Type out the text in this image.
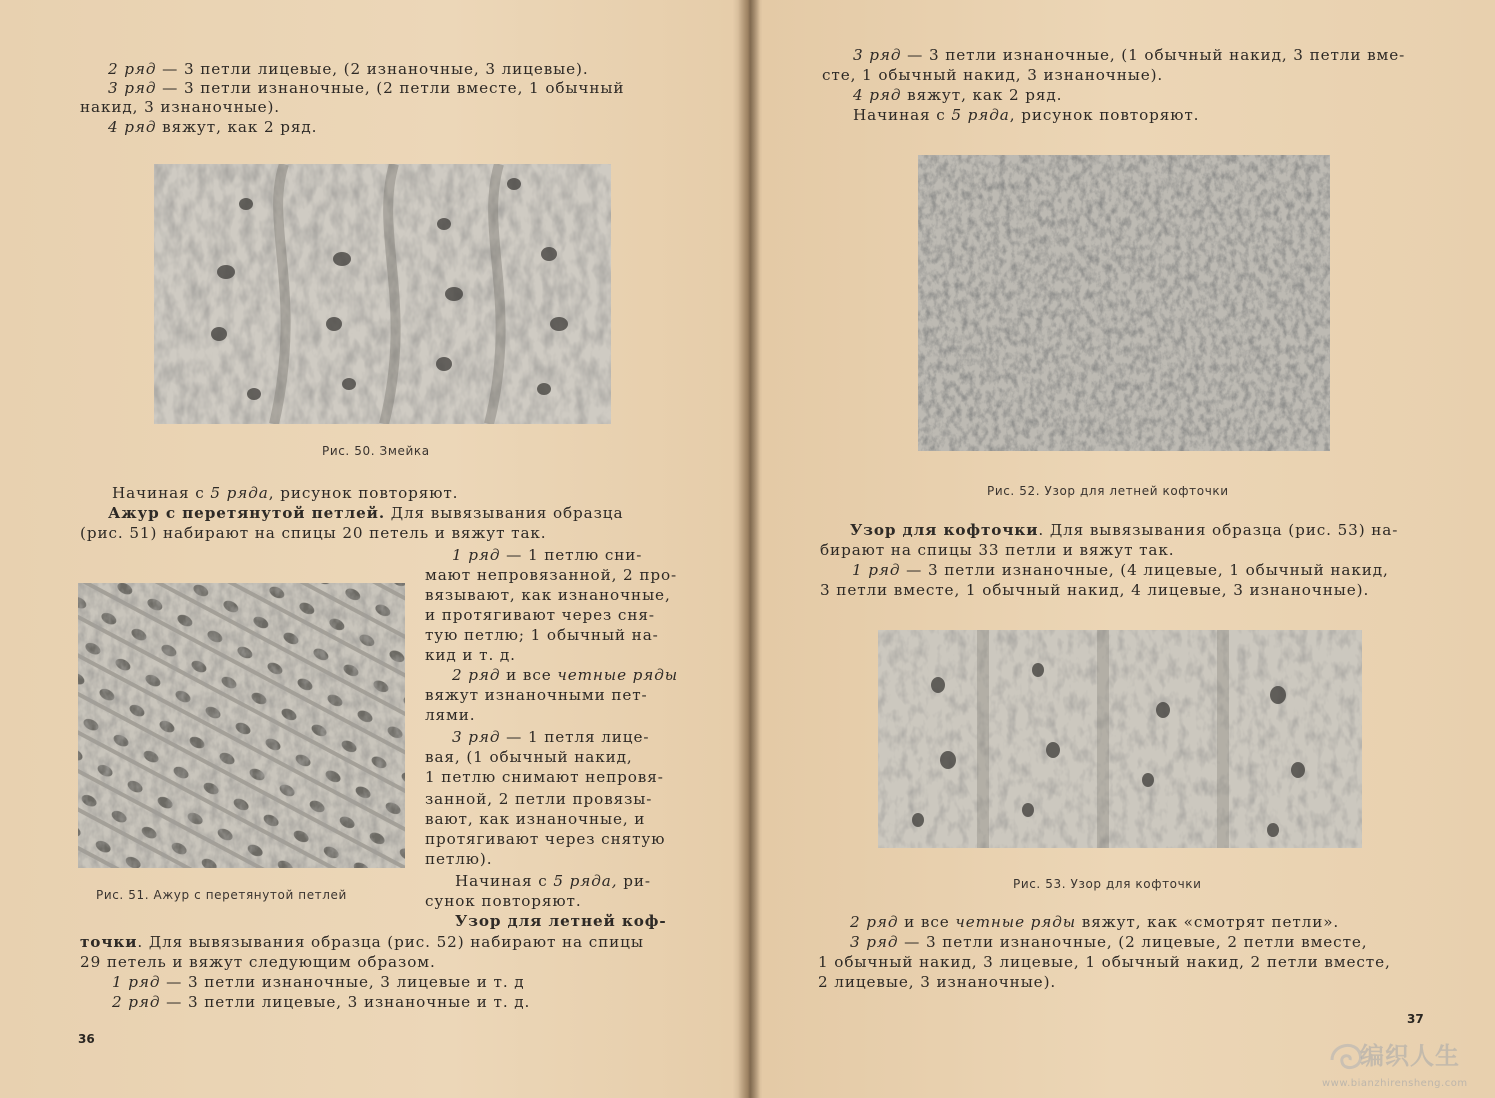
2 ряд — 3 петли лицевые, (2 изнаночные, 3 лицевые).
3 ряд — 3 петли изнаночные, (2 петли вместе, 1 обычный
накид, 3 изнаночные).
4 ряд вяжут, как 2 ряд.
Рис. 50. Змейка
Начиная с 5 ряда, рисунок повторяют.
Ажур с перетянутой петлей. Для вывязывания образца
(рис. 51) набирают на спицы 20 петель и вяжут так.
Рис. 51. Ажур с перетянутой петлей
1 ряд — 1 петлю сни-
мают непровязанной, 2 про-
вязывают, как изнаночные,
и протягивают через сня-
тую петлю; 1 обычный на-
кид и т. д.
2 ряд и все четные ряды
вяжут изнаночными пет-
лями.
3 ряд — 1 петля лице-
вая, (1 обычный накид,
1 петлю снимают непровя-
занной, 2 петли провязы-
вают, как изнаночные, и
протягивают через снятую
петлю).
Начиная с 5 ряда, ри-
сунок повторяют.
Узор для летней коф-
точки. Для вывязывания образца (рис. 52) набирают на спицы
29 петель и вяжут следующим образом.
1 ряд — 3 петли изнаночные, 3 лицевые и т. д
2 ряд — 3 петли лицевые, 3 изнаночные и т. д.
36
3 ряд — 3 петли изнаночные, (1 обычный накид, 3 петли вме-
сте, 1 обычный накид, 3 изнаночные).
4 ряд вяжут, как 2 ряд.
Начиная с 5 ряда, рисунок повторяют.
Рис. 52. Узор для летней кофточки
Узор для кофточки. Для вывязывания образца (рис. 53) на-
бирают на спицы 33 петли и вяжут так.
1 ряд — 3 петли изнаночные, (4 лицевые, 1 обычный накид,
3 петли вместе, 1 обычный накид, 4 лицевые, 3 изнаночные).
Рис. 53. Узор для кофточки
2 ряд и все четные ряды вяжут, как «смотрят петли».
3 ряд — 3 петли изнаночные, (2 лицевые, 2 петли вместе,
1 обычный накид, 3 лицевые, 1 обычный накид, 2 петли вместе,
2 лицевые, 3 изнаночные).
37
编织人生
www.bianzhirensheng.com
